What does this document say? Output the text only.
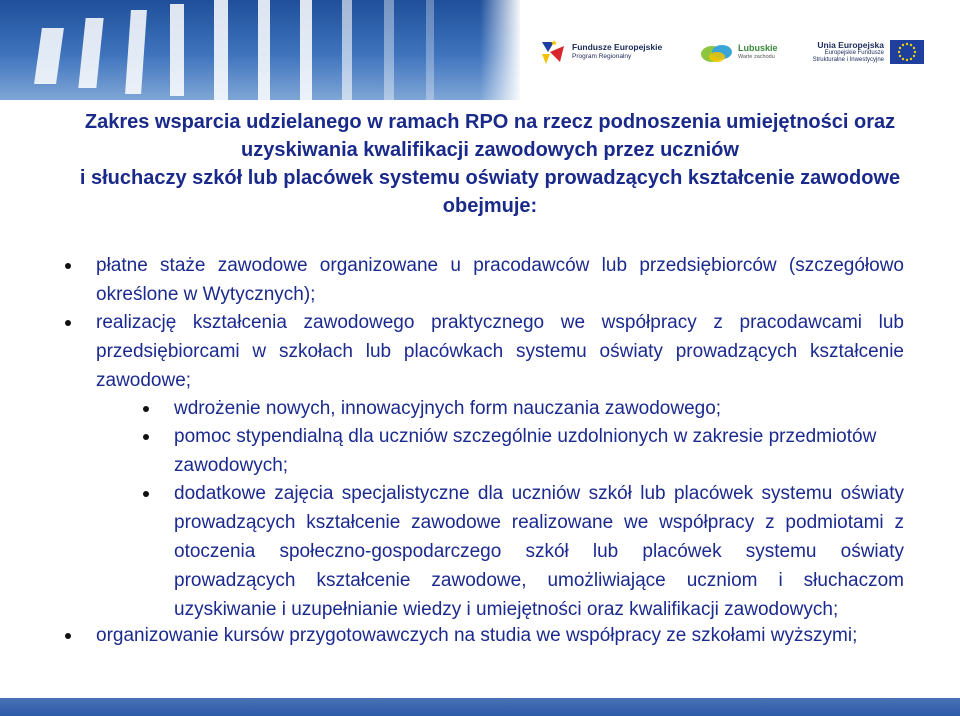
Fundusze Europejskie
Program Regionalny
Lubuskie
Warte zachodu
Unia Europejska
Europejskie Fundusze Strukturalne i Inwestycyjne
Zakres wsparcia udzielanego w ramach RPO na rzecz podnoszenia umiejętności oraz
uzyskiwania kwalifikacji zawodowych przez uczniów
i słuchaczy szkół lub placówek systemu oświaty prowadzących kształcenie zawodowe
obejmuje:
płatne staże zawodowe organizowane u pracodawców lub przedsiębiorców (szczegółowo
określone w Wytycznych);
realizację kształcenia zawodowego praktycznego we współpracy z pracodawcami lub
przedsiębiorcami w szkołach lub placówkach systemu oświaty prowadzących kształcenie
zawodowe;
wdrożenie nowych, innowacyjnych form nauczania zawodowego;
pomoc stypendialną dla uczniów szczególnie uzdolnionych w zakresie przedmiotów
zawodowych;
dodatkowe zajęcia specjalistyczne dla uczniów szkół lub placówek systemu oświaty
prowadzących kształcenie zawodowe realizowane we współpracy z podmiotami z
otoczenia społeczno-gospodarczego szkół lub placówek systemu oświaty
prowadzących kształcenie zawodowe, umożliwiające uczniom i słuchaczom
uzyskiwanie i uzupełnianie wiedzy i umiejętności oraz kwalifikacji zawodowych;
organizowanie kursów przygotowawczych na studia we współpracy ze szkołami wyższymi;
